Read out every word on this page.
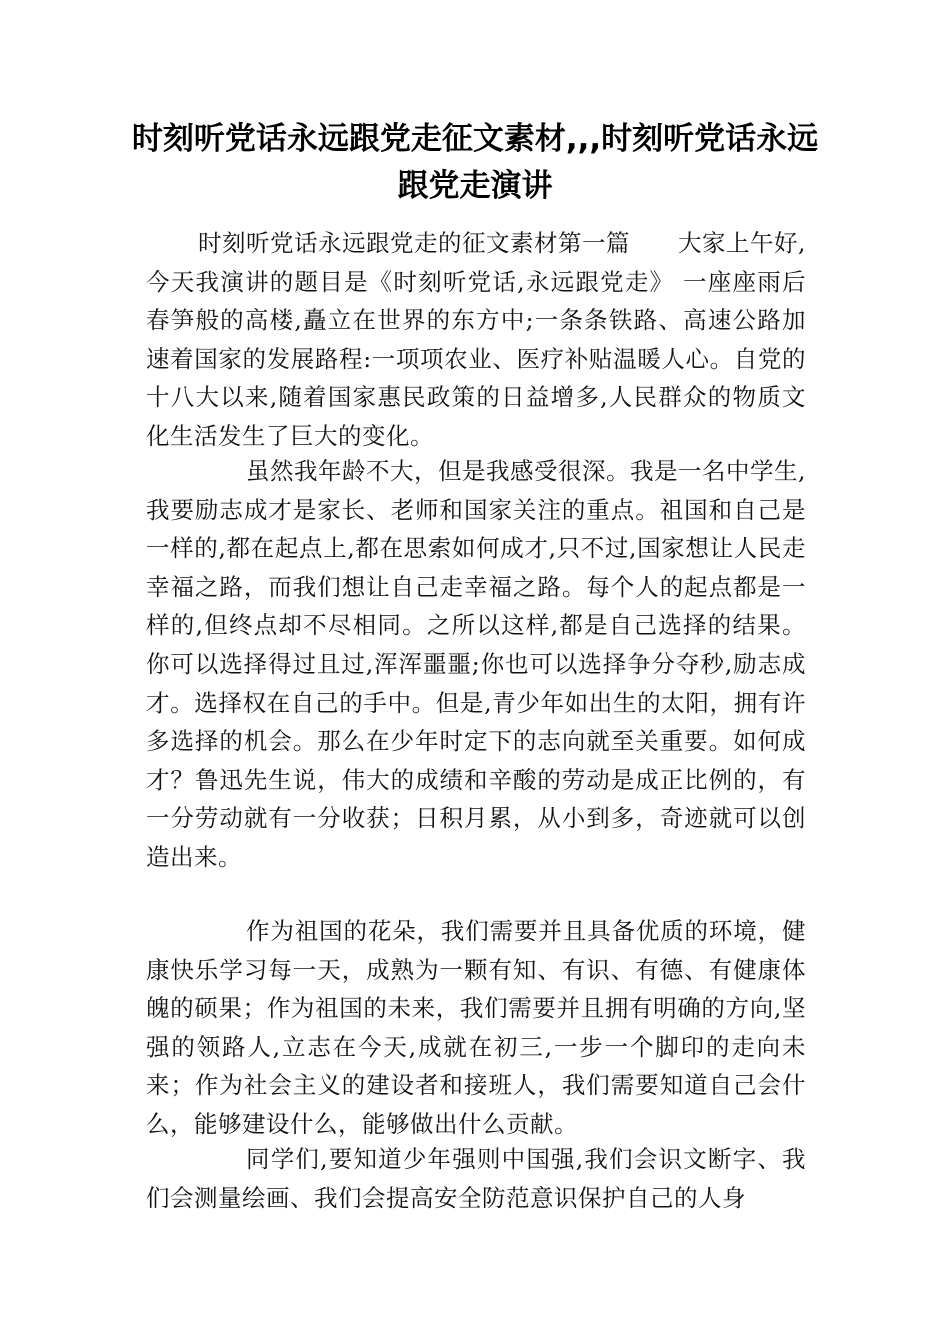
时刻听党话永远跟党走征文素材,,,时刻听党话永远跟党走演讲

时刻听党话永远跟党走的征文素材第一篇　　大家上午好,今天我演讲的题目是《时刻听党话,永远跟党走》 一座座雨后春笋般的高楼,矗立在世界的东方中;一条条铁路、高速公路加速着国家的发展路程:一项项农业、医疗补贴温暖人心。自党的十八大以来,随着国家惠民政策的日益增多,人民群众的物质文化生活发生了巨大的变化。

虽然我年龄不大，但是我感受很深。我是一名中学生,我要励志成才是家长、老师和国家关注的重点。祖国和自己是一样的,都在起点上,都在思索如何成才,只不过,国家想让人民走幸福之路，而我们想让自己走幸福之路。每个人的起点都是一样的,但终点却不尽相同。之所以这样,都是自己选择的结果。你可以选择得过且过,浑浑噩噩;你也可以选择争分夺秒,励志成才。选择权在自己的手中。但是,青少年如出生的太阳，拥有许多选择的机会。那么在少年时定下的志向就至关重要。如何成才？鲁迅先生说，伟大的成绩和辛酸的劳动是成正比例的，有一分劳动就有一分收获；日积月累，从小到多，奇迹就可以创造出来。

作为祖国的花朵，我们需要并且具备优质的环境，健康快乐学习每一天，成熟为一颗有知、有识、有德、有健康体魄的硕果；作为祖国的未来，我们需要并且拥有明确的方向,坚强的领路人,立志在今天,成就在初三,一步一个脚印的走向未来；作为社会主义的建设者和接班人，我们需要知道自己会什么，能够建设什么，能够做出什么贡献。

同学们,要知道少年强则中国强,我们会识文断字、我们会测量绘画、我们会提高安全防范意识保护自己的人身
